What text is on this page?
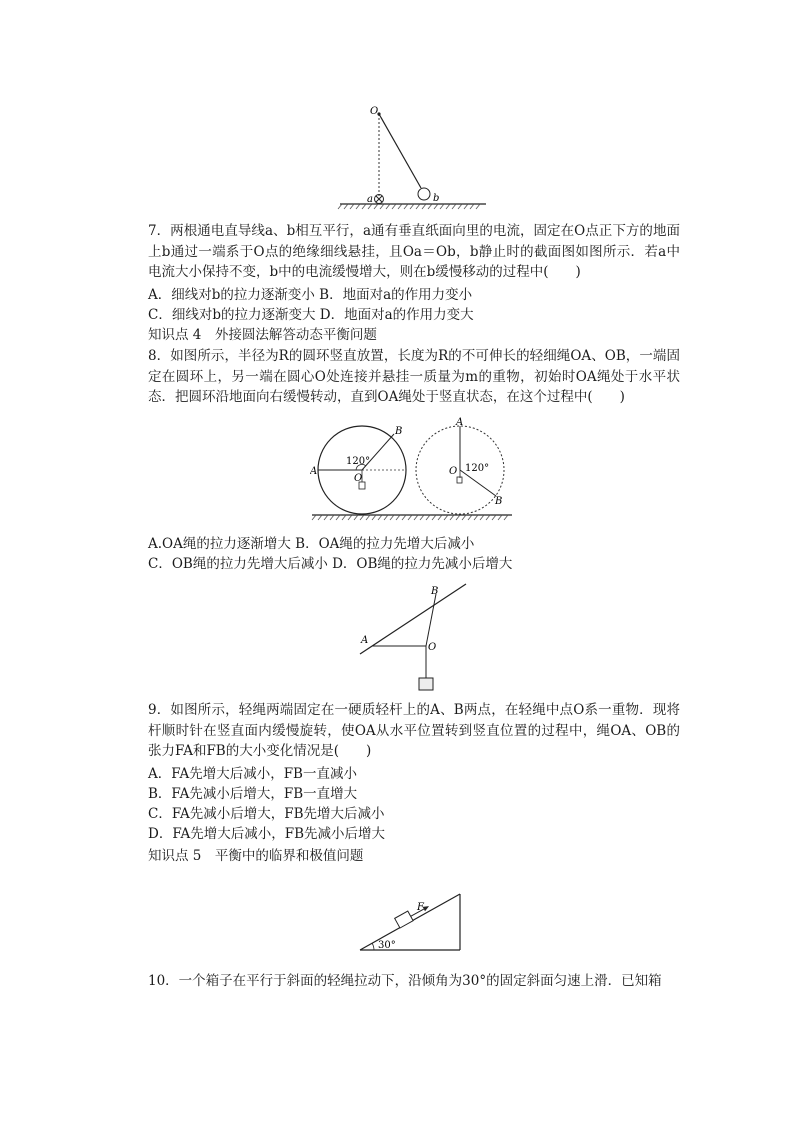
O
a	b

7．两根通电直导线a、b相互平行，a通有垂直纸面向里的电流，固定在O点正下方的地面上b通过一端系于O点的绝缘细线悬挂，且Oa＝Ob，b静止时的截面图如图所示．若a中电流大小保持不变，b中的电流缓慢增大，则在b缓慢移动的过程中(　　)

A．细线对b的拉力逐渐变小 B．地面对a的作用力变小

C．细线对b的拉力逐渐变大 D．地面对a的作用力变大

知识点 4　外接圆法解答动态平衡问题

8．如图所示，半径为R的圆环竖直放置，长度为R的不可伸长的轻细绳OA、OB，一端固定在圆环上，另一端在圆心O处连接并悬挂一质量为m的重物，初始时OA绳处于水平状态．把圆环沿地面向右缓慢转动，直到OA绳处于竖直状态，在这个过程中(　　)

A
B
O
120°
A
O 120°
B

A.OA绳的拉力逐渐增大 B．OA绳的拉力先增大后减小

C．OB绳的拉力先增大后减小 D．OB绳的拉力先减小后增大

A
B
O

9．如图所示，轻绳两端固定在一硬质轻杆上的A、B两点，在轻绳中点O系一重物．现将杆顺时针在竖直面内缓慢旋转，使OA从水平位置转到竖直位置的过程中，绳OA、OB的张力FA和FB的大小变化情况是(　　)

A．FA先增大后减小，FB一直减小

B．FA先减小后增大，FB一直增大

C．FA先减小后增大，FB先增大后减小

D．FA先增大后减小，FB先减小后增大

知识点 5　平衡中的临界和极值问题

F
30°

10．一个箱子在平行于斜面的轻绳拉动下，沿倾角为30°的固定斜面匀速上滑．已知箱
